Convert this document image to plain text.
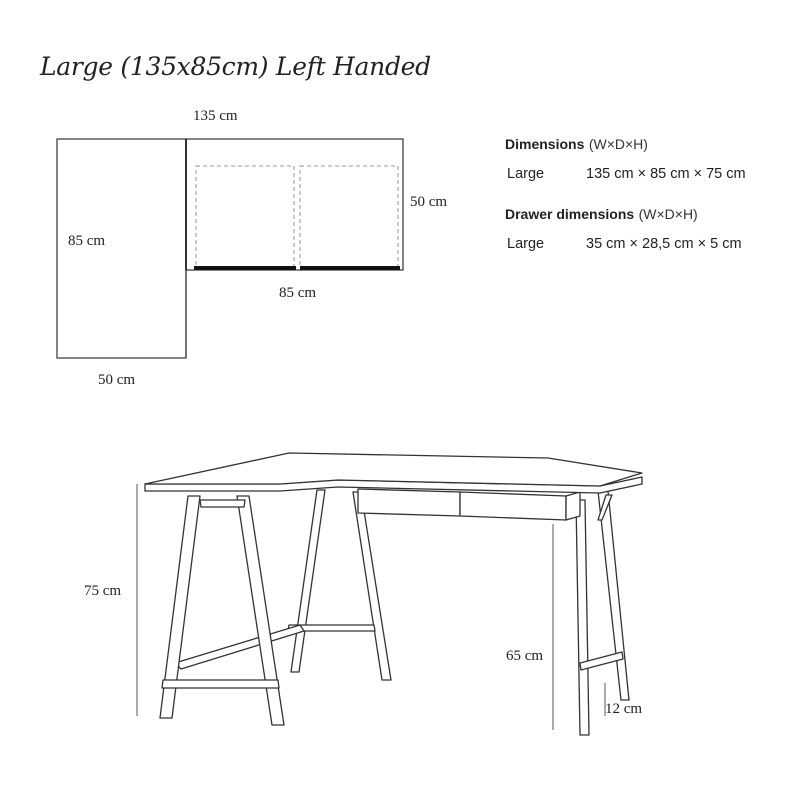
Large (135x85cm) Left Handed
135 cm
85 cm
50 cm
85 cm
50 cm
Dimensions (W×D×H)
Large	135 cm × 85 cm × 75 cm
Drawer dimensions (W×D×H)
Large	35 cm × 28,5 cm × 5 cm
75 cm
65 cm
12 cm
